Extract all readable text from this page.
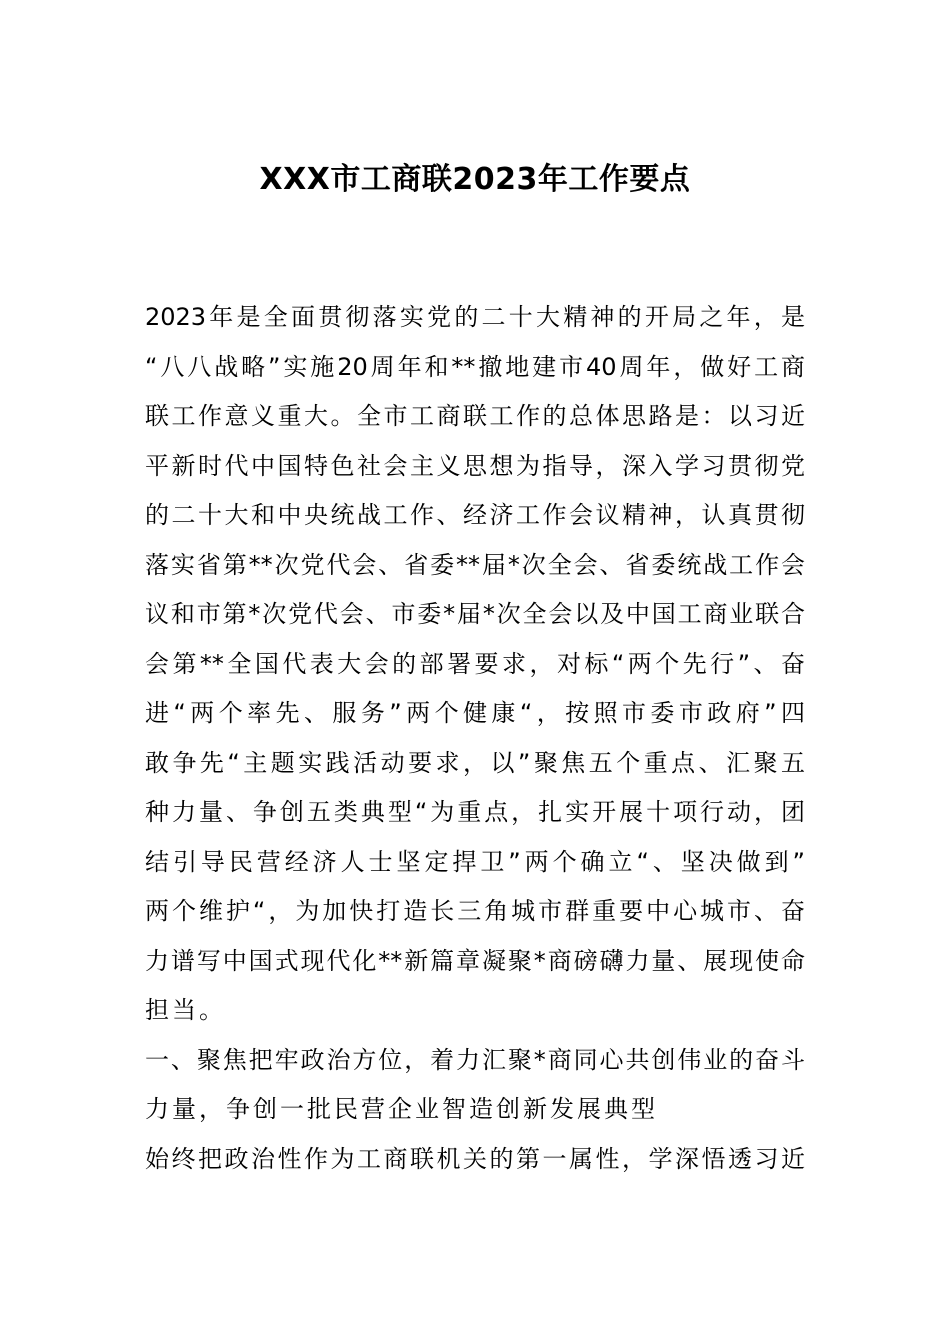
XXX市工商联2023年工作要点
2023年是全面贯彻落实党的二十大精神的开局之年，是
“八八战略”实施20周年和**撤地建市40周年，做好工商
联工作意义重大。全市工商联工作的总体思路是：以习近
平新时代中国特色社会主义思想为指导，深入学习贯彻党
的二十大和中央统战工作、经济工作会议精神，认真贯彻
落实省第**次党代会、省委**届*次全会、省委统战工作会
议和市第*次党代会、市委*届*次全会以及中国工商业联合
会第**全国代表大会的部署要求，对标“两个先行”、奋
进“两个率先、服务”两个健康“，按照市委市政府”四
敢争先“主题实践活动要求，以”聚焦五个重点、汇聚五
种力量、争创五类典型“为重点，扎实开展十项行动，团
结引导民营经济人士坚定捍卫”两个确立“、坚决做到”
两个维护“，为加快打造长三角城市群重要中心城市、奋
力谱写中国式现代化**新篇章凝聚*商磅礴力量、展现使命
担当。
一、聚焦把牢政治方位，着力汇聚*商同心共创伟业的奋斗
力量，争创一批民营企业智造创新发展典型
始终把政治性作为工商联机关的第一属性，学深悟透习近
